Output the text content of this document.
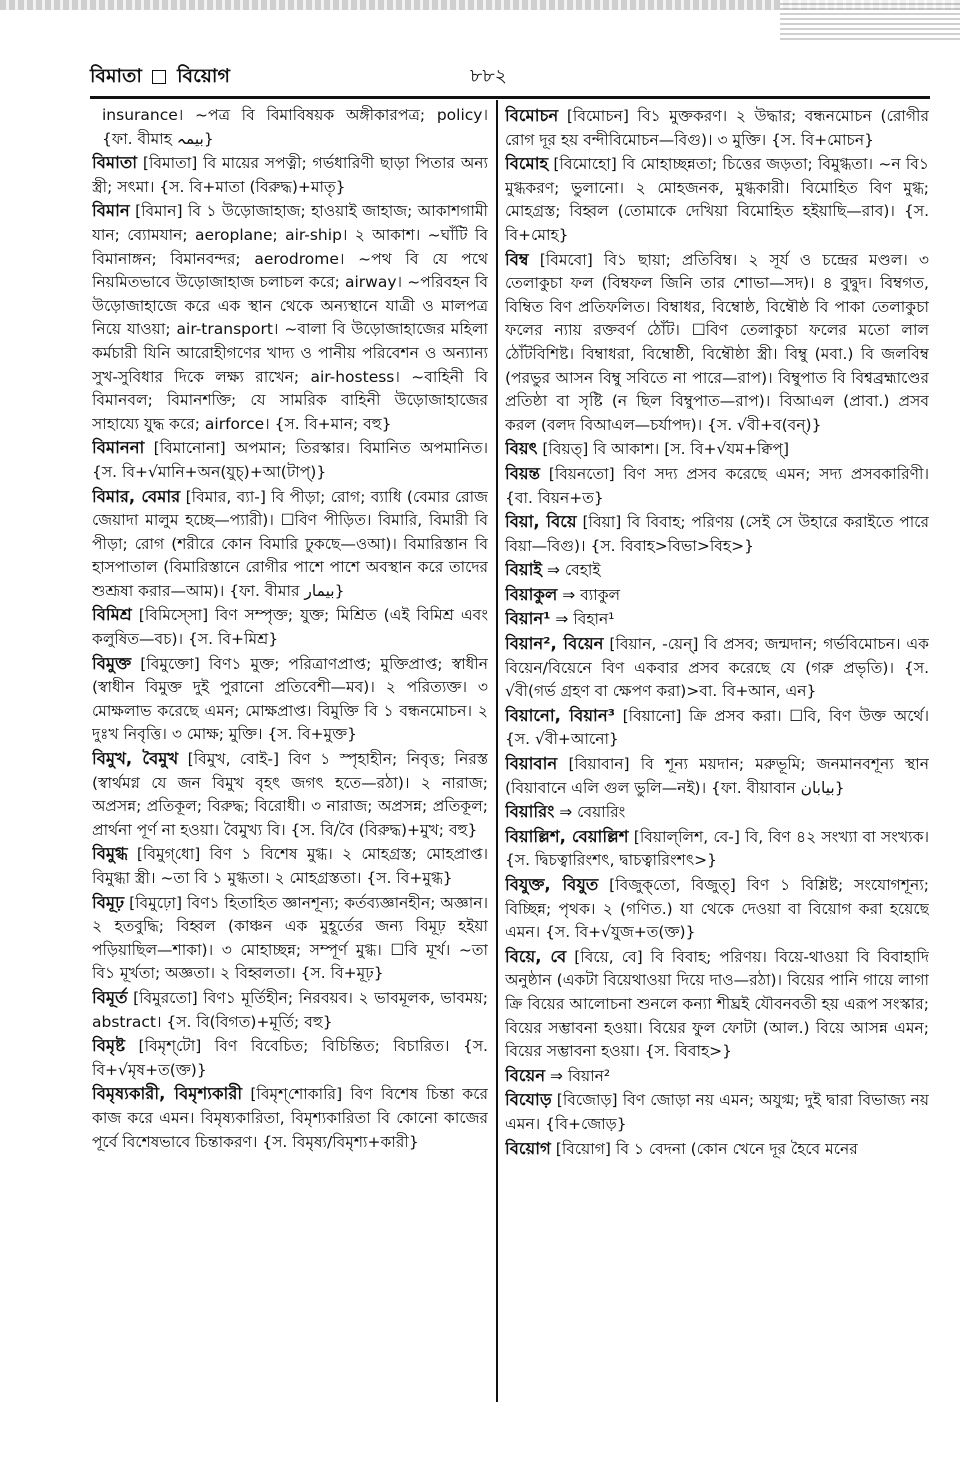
বিমাতা বিয়োগ	৮৮২

insurance। ~পত্র বি বিমাবিষয়ক অঙ্গীকারপত্র; policy। {ফা. বীমাহ بیمہ}

বিমাতা [বিমাতা] বি মায়ের সপত্নী; গর্ভধারিণী ছাড়া পিতার অন্য স্ত্রী; সৎমা। {স. বি+মাতা (বিরুদ্ধ)+মাতৃ}

বিমান [বিমান] বি ১ উড়োজাহাজ; হাওয়াই জাহাজ; আকাশগামী যান; ব্যোমযান; aeroplane; air-ship। ২ আকাশ। ~ঘাঁটি বি বিমানাঙ্গন; বিমানবন্দর; aerodrome। ~পথ বি যে পথে নিয়মিতভাবে উড়োজাহাজ চলাচল করে; airway। ~পরিবহন বি উড়োজাহাজে করে এক স্থান থেকে অন্যস্থানে যাত্রী ও মালপত্র নিয়ে যাওয়া; air-transport। ~বালা বি উড়োজাহাজের মহিলা কর্মচারী যিনি আরোহীগণের খাদ্য ও পানীয় পরিবেশন ও অন্যান্য সুখ-সুবিধার দিকে লক্ষ্য রাখেন; air-hostess। ~বাহিনী বি বিমানবল; বিমানশক্তি; যে সামরিক বাহিনী উড়োজাহাজের সাহায্যে যুদ্ধ করে; airforce। {স. বি+মান; বহু}

বিমাননা [বিমানোনা] অপমান; তিরস্কার। বিমানিত অপমানিত। {স. বি+√মানি+অন(যুচ্)+আ(টাপ্)}

বিমার, বেমার [বিমার, ব্যা-] বি পীড়া; রোগ; ব্যাধি (বেমার রোজ জেয়াদা মালুম হচ্ছে—প্যারী)। ☐বিণ পীড়িত। বিমারি, বিমারী বি পীড়া; রোগ (শরীরে কোন বিমারি ঢুকছে—ওআ)। বিমারিস্তান বি হাসপাতাল (বিমারিস্তানে রোগীর পাশে পাশে অবস্থান করে তাদের শুশ্রূষা করার—আম)। {ফা. বীমার بیمار}

বিমিশ্র [বিমিস্সো] বিণ সম্পৃক্ত; যুক্ত; মিশ্রিত (এই বিমিশ্র এবং কলুষিত—বচ)। {স. বি+মিশ্র}

বিমুক্ত [বিমুক্তো] বিণ১ মুক্ত; পরিত্রাণপ্রাপ্ত; মুক্তিপ্রাপ্ত; স্বাধীন (স্বাধীন বিমুক্ত দুই পুরানো প্রতিবেশী—মব)। ২ পরিত্যক্ত। ৩ মোক্ষলাভ করেছে এমন; মোক্ষপ্রাপ্ত। বিমুক্তি বি ১ বন্ধনমোচন। ২ দুঃখ নিবৃত্তি। ৩ মোক্ষ; মুক্তি। {স. বি+মুক্ত}

বিমুখ, বৈমুখ [বিমুখ, বোই-] বিণ ১ স্পৃহাহীন; নিবৃত্ত; নিরস্ত (স্বার্থমগ্ন যে জন বিমুখ বৃহৎ জগৎ হতে—রঠা)। ২ নারাজ; অপ্রসন্ন; প্রতিকূল; বিরুদ্ধ; বিরোধী। ৩ নারাজ; অপ্রসন্ন; প্রতিকূল; প্রার্থনা পূর্ণ না হওয়া। বৈমুখ্য বি। {স. বি/বৈ (বিরুদ্ধ)+মুখ; বহু}

বিমুগ্ধ [বিমুগ্‌ধো] বিণ ১ বিশেষ মুগ্ধ। ২ মোহগ্রস্ত; মোহপ্রাপ্ত। বিমুগ্ধা স্ত্রী। ~তা বি ১ মুগ্ধতা। ২ মোহগ্রস্ততা। {স. বি+মুগ্ধ}

বিমূঢ় [বিমুঢ়ো] বিণ১ হিতাহিত জ্ঞানশূন্য; কর্তব্যজ্ঞানহীন; অজ্ঞান। ২ হতবুদ্ধি; বিহ্বল (কাঞ্চন এক মুহূর্তের জন্য বিমূঢ় হইয়া পড়িয়াছিল—শাকা)। ৩ মোহাচ্ছন্ন; সম্পূর্ণ মুগ্ধ। ☐বি মূর্খ। ~তা বি১ মূর্খতা; অজ্ঞতা। ২ বিহ্বলতা। {স. বি+মূঢ়}

বিমূর্ত [বিমুরতো] বিণ১ মূর্তিহীন; নিরবয়ব। ২ ভাবমূলক, ভাবময়; abstract। {স. বি(বিগত)+মূর্তি; বহু}

বিমৃষ্ট [বিমৃশ্‌টো] বিণ বিবেচিত; বিচিন্তিত; বিচারিত। {স. বি+√মৃষ+ত(ক্ত)}

বিমৃষ্যকারী, বিমৃশ্যকারী [বিমৃশ্‌শোকারি] বিণ বিশেষ চিন্তা করে কাজ করে এমন। বিমৃষ্যকারিতা, বিমৃশ্যকারিতা বি কোনো কাজের পূর্বে বিশেষভাবে চিন্তাকরণ। {স. বিমৃষ্য/বিমৃশ্য+কারী}

বিমোচন [বিমোচন] বি১ মুক্তকরণ। ২ উদ্ধার; বন্ধনমোচন (রোগীর রোগ দূর হয় বন্দীবিমোচন—বিগু)। ৩ মুক্তি। {স. বি+মোচন}

বিমোহ [বিমোহো] বি মোহাচ্ছন্নতা; চিত্তের জড়তা; বিমুগ্ধতা। ~ন বি১ মুগ্ধকরণ; ভুলানো। ২ মোহজনক, মুগ্ধকারী। বিমোহিত বিণ মুগ্ধ; মোহগ্রস্ত; বিহ্বল (তোমাকে দেখিয়া বিমোহিত হইয়াছি—রাব)। {স. বি+মোহ}

বিম্ব [বিমবো] বি১ ছায়া; প্রতিবিম্ব। ২ সূর্য ও চন্দ্রের মণ্ডল। ৩ তেলাকুচা ফল (বিম্বফল জিনি তার শোভা—সদ)। ৪ বুদ্বুদ। বিম্বগত, বিম্বিত বিণ প্রতিফলিত। বিম্বাধর, বিম্বোষ্ঠ, বিম্বৌষ্ঠ বি পাকা তেলাকুচা ফলের ন্যায় রক্তবর্ণ ঠোঁট। ☐বিণ তেলাকুচা ফলের মতো লাল ঠোঁটবিশিষ্ট। বিম্বাধরা, বিম্বোষ্ঠী, বিম্বৌষ্ঠা স্ত্রী। বিম্বু (মবা.) বি জলবিম্ব (পরভুর আসন বিম্বু সবিতে না পারে—রাপ)। বিম্বুপাত বি বিশ্বব্রহ্মাণ্ডের প্রতিষ্ঠা বা সৃষ্টি (ন ছিল বিম্বুপাত—রাপ)। বিআএল (প্রাবা.) প্রসব করল (বলদ বিআএল—চর্যাপদ)। {স. √বী+ব(বন্)}

বিয়ৎ [বিয়ত্] বি আকাশ। [স. বি+√যম+ক্বিপ্]

বিয়ন্ত [বিয়নতো] বিণ সদ্য প্রসব করেছে এমন; সদ্য প্রসবকারিণী। {বা. বিয়ন+ত}

বিয়া, বিয়ে [বিয়া] বি বিবাহ; পরিণয় (সেই সে উহারে করাইতে পারে বিয়া—বিগু)। {স. বিবাহ>বিভা>বিহ>}

বিয়াই ⇒ বেহাই

বিয়াকুল ⇒ ব্যাকুল

বিয়ান¹ ⇒ বিহান¹

বিয়ান², বিয়েন [বিয়ান, -য়েন্] বি প্রসব; জন্মদান; গর্ভবিমোচন। এক বিয়েন/বিয়েনে বিণ একবার প্রসব করেছে যে (গরু প্রভৃতি)। {স. √বী(গর্ভ গ্রহণ বা ক্ষেপণ করা)>বা. বি+আন, এন}

বিয়ানো, বিয়ান³ [বিয়ানো] ক্রি প্রসব করা। ☐বি, বিণ উক্ত অর্থে। {স. √বী+আনো}

বিয়াবান [বিয়াবান] বি শূন্য ময়দান; মরুভূমি; জনমানবশূন্য স্থান (বিয়াবানে এলি গুল ভুলি—নই)। {ফা. বীয়াবান بیابان}

বিয়ারিং ⇒ বেয়ারিং

বিয়াল্লিশ, বেয়াল্লিশ [বিয়াল্‌লিশ, বে-] বি, বিণ ৪২ সংখ্যা বা সংখ্যক। {স. দ্বিচত্বারিংশৎ, দ্বাচত্বারিংশৎ>}

বিযুক্ত, বিযুত [বিজুক্‌তো, বিজুত্] বিণ ১ বিশ্লিষ্ট; সংযোগশূন্য; বিচ্ছিন্ন; পৃথক। ২ (গণিত.) যা থেকে দেওয়া বা বিয়োগ করা হয়েছে এমন। {স. বি+√যুজ+ত(ক্ত)}

বিয়ে, বে [বিয়ে, বে] বি বিবাহ; পরিণয়। বিয়ে-থাওয়া বি বিবাহাদি অনুষ্ঠান (একটা বিয়েথাওয়া দিয়ে দাও—রঠা)। বিয়ের পানি গায়ে লাগা ক্রি বিয়ের আলোচনা শুনলে কন্যা শীঘ্রই যৌবনবতী হয় এরূপ সংস্কার; বিয়ের সম্ভাবনা হওয়া। বিয়ের ফুল ফোটা (আল.) বিয়ে আসন্ন এমন; বিয়ের সম্ভাবনা হওয়া। {স. বিবাহ>}

বিয়েন ⇒ বিয়ান²

বিযোড় [বিজোড়] বিণ জোড়া নয় এমন; অযুগ্ম; দুই দ্বারা বিভাজ্য নয় এমন। {বি+জোড়}

বিয়োগ [বিয়োগ] বি ১ বেদনা (কোন খেনে দূর হৈবে মনের
